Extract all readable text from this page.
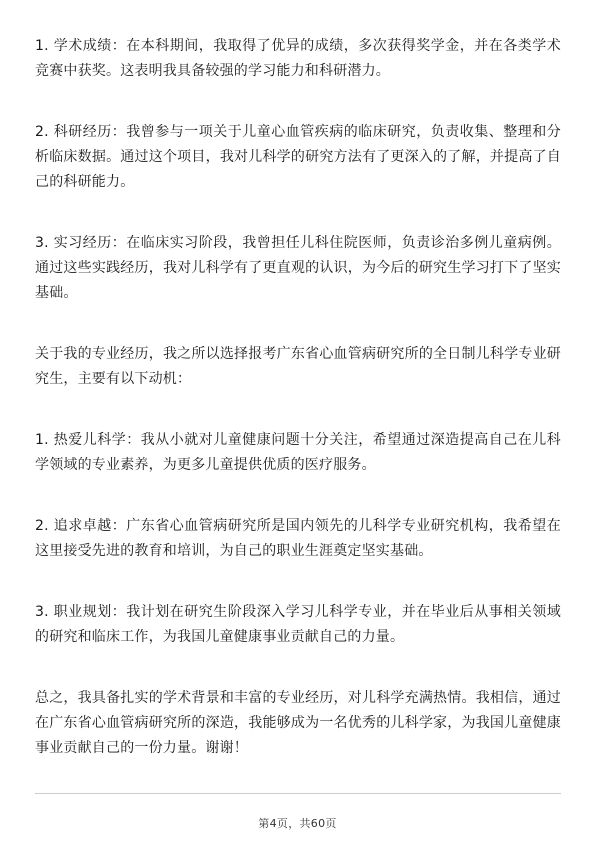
1. 学术成绩：在本科期间，我取得了优异的成绩，多次获得奖学金，并在各类学术竞赛中获奖。这表明我具备较强的学习能力和科研潜力。

2. 科研经历：我曾参与一项关于儿童心血管疾病的临床研究，负责收集、整理和分析临床数据。通过这个项目，我对儿科学的研究方法有了更深入的了解，并提高了自己的科研能力。

3. 实习经历：在临床实习阶段，我曾担任儿科住院医师，负责诊治多例儿童病例。通过这些实践经历，我对儿科学有了更直观的认识，为今后的研究生学习打下了坚实基础。

关于我的专业经历，我之所以选择报考广东省心血管病研究所的全日制儿科学专业研究生，主要有以下动机：

1. 热爱儿科学：我从小就对儿童健康问题十分关注，希望通过深造提高自己在儿科学领域的专业素养，为更多儿童提供优质的医疗服务。

2. 追求卓越：广东省心血管病研究所是国内领先的儿科学专业研究机构，我希望在这里接受先进的教育和培训，为自己的职业生涯奠定坚实基础。

3. 职业规划：我计划在研究生阶段深入学习儿科学专业，并在毕业后从事相关领域的研究和临床工作，为我国儿童健康事业贡献自己的力量。

总之，我具备扎实的学术背景和丰富的专业经历，对儿科学充满热情。我相信，通过在广东省心血管病研究所的深造，我能够成为一名优秀的儿科学家，为我国儿童健康事业贡献自己的一份力量。谢谢！

第4页，共60页
